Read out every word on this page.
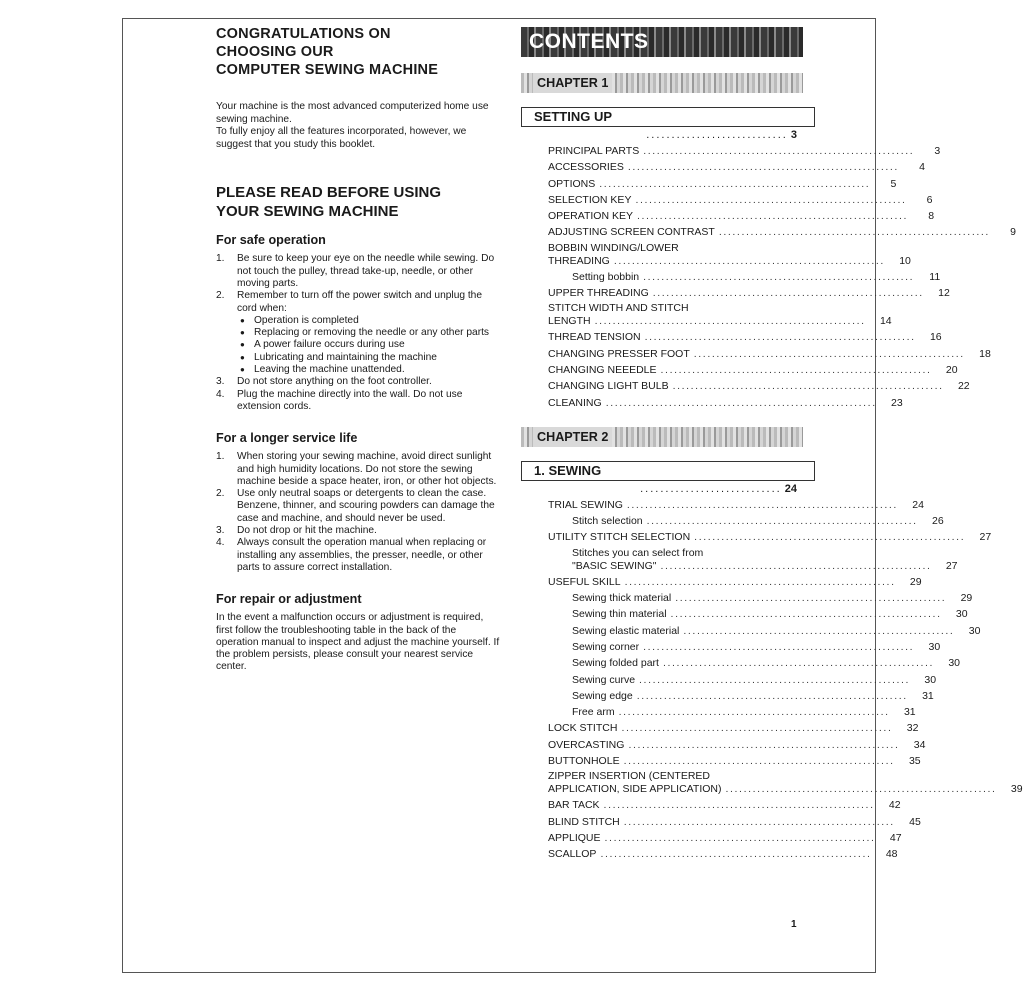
CONGRATULATIONS ON
CHOOSING OUR
COMPUTER SEWING MACHINE

Your machine is the most advanced computerized home use sewing machine.

To fully enjoy all the features incorporated, however, we suggest that you study this booklet.

PLEASE READ BEFORE USING
YOUR SEWING MACHINE
For safe operation
1. Be sure to keep your eye on the needle while sewing. Do not touch the pulley, thread take-up, needle, or other moving parts.
2. Remember to turn off the power switch and unplug the cord when:
● Operation is completed
● Replacing or removing the needle or any other parts
● A power failure occurs during use
● Lubricating and maintaining the machine
● Leaving the machine unattended.
3. Do not store anything on the foot controller.
4. Plug the machine directly into the wall. Do not use extension cords.
For a longer service life
1. When storing your sewing machine, avoid direct sunlight and high humidity locations. Do not store the sewing machine beside a space heater, iron, or other hot objects.
2. Use only neutral soaps or detergents to clean the case. Benzene, thinner, and scouring powders can damage the case and machine, and should never be used.
3. Do not drop or hit the machine.
4. Always consult the operation manual when replacing or installing any assemblies, the presser, needle, or other parts to assure correct installation.
For repair or adjustment
In the event a malfunction occurs or adjustment is required, first follow the troubleshooting table in the back of the operation manual to inspect and adjust the machine yourself. If the problem persists, please consult your nearest service center.
CONTENTS
CHAPTER 1
SETTING UP
............................ 3
PRINCIPAL PARTS ............................................................	3
ACCESSORIES ............................................................	4
OPTIONS ............................................................	5
SELECTION KEY ............................................................	6
OPERATION KEY ............................................................	8
ADJUSTING SCREEN CONTRAST ............................................................	9
BOBBIN WINDING/LOWER
THREADING ............................................................	10
Setting bobbin ............................................................	11
UPPER THREADING ............................................................	12
STITCH WIDTH AND STITCH
LENGTH ............................................................	14
THREAD TENSION ............................................................	16
CHANGING PRESSER FOOT ............................................................	18
CHANGING NEEEDLE ............................................................	20
CHANGING LIGHT BULB ............................................................	22
CLEANING ............................................................	23
CHAPTER 2
1. SEWING
............................ 24
TRIAL SEWING ............................................................	24
Stitch selection ............................................................	26
UTILITY STITCH SELECTION ............................................................	27
Stitches you can select from
"BASIC SEWING" ............................................................	27
USEFUL SKILL ............................................................	29
Sewing thick material ............................................................	29
Sewing thin material ............................................................	30
Sewing elastic material ............................................................	30
Sewing corner ............................................................	30
Sewing folded part ............................................................	30
Sewing curve ............................................................	30
Sewing edge ............................................................	31
Free arm ............................................................	31
LOCK STITCH ............................................................	32
OVERCASTING ............................................................	34
BUTTONHOLE ............................................................	35
ZIPPER INSERTION (CENTERED
APPLICATION, SIDE APPLICATION) ............................................................	39
BAR TACK ............................................................	42
BLIND STITCH ............................................................	45
APPLIQUE ............................................................	47
SCALLOP ............................................................	48
1
